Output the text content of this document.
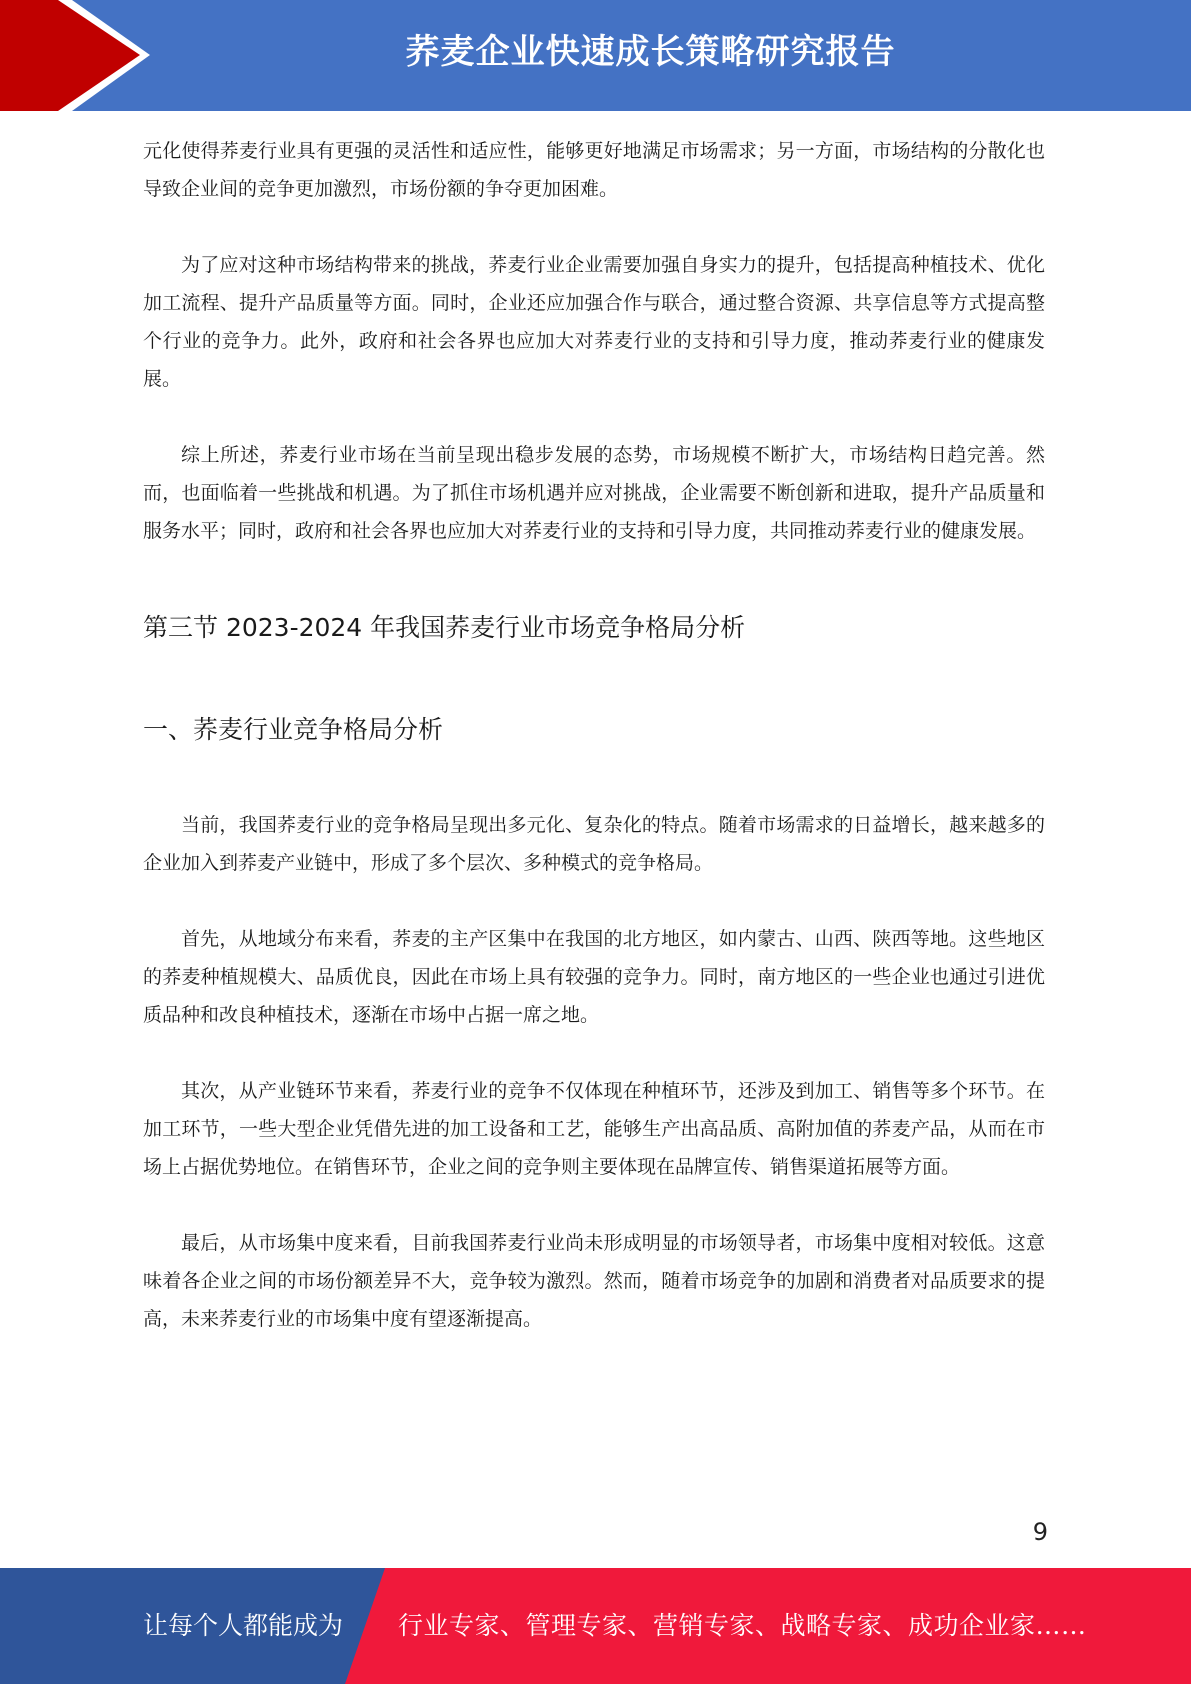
荞麦企业快速成长策略研究报告

元化使得荞麦行业具有更强的灵活性和适应性，能够更好地满足市场需求；另一方面，市场结构的分散化也导致企业间的竞争更加激烈，市场份额的争夺更加困难。

为了应对这种市场结构带来的挑战，荞麦行业企业需要加强自身实力的提升，包括提高种植技术、优化加工流程、提升产品质量等方面。同时，企业还应加强合作与联合，通过整合资源、共享信息等方式提高整个行业的竞争力。此外，政府和社会各界也应加大对荞麦行业的支持和引导力度，推动荞麦行业的健康发展。

综上所述，荞麦行业市场在当前呈现出稳步发展的态势，市场规模不断扩大，市场结构日趋完善。然而，也面临着一些挑战和机遇。为了抓住市场机遇并应对挑战，企业需要不断创新和进取，提升产品质量和服务水平；同时，政府和社会各界也应加大对荞麦行业的支持和引导力度，共同推动荞麦行业的健康发展。

第三节 2023-2024 年我国荞麦行业市场竞争格局分析
一、荞麦行业竞争格局分析

当前，我国荞麦行业的竞争格局呈现出多元化、复杂化的特点。随着市场需求的日益增长，越来越多的企业加入到荞麦产业链中，形成了多个层次、多种模式的竞争格局。

首先，从地域分布来看，荞麦的主产区集中在我国的北方地区，如内蒙古、山西、陕西等地。这些地区的荞麦种植规模大、品质优良，因此在市场上具有较强的竞争力。同时，南方地区的一些企业也通过引进优质品种和改良种植技术，逐渐在市场中占据一席之地。

其次，从产业链环节来看，荞麦行业的竞争不仅体现在种植环节，还涉及到加工、销售等多个环节。在加工环节，一些大型企业凭借先进的加工设备和工艺，能够生产出高品质、高附加值的荞麦产品，从而在市场上占据优势地位。在销售环节，企业之间的竞争则主要体现在品牌宣传、销售渠道拓展等方面。

最后，从市场集中度来看，目前我国荞麦行业尚未形成明显的市场领导者，市场集中度相对较低。这意味着各企业之间的市场份额差异不大，竞争较为激烈。然而，随着市场竞争的加剧和消费者对品质要求的提高，未来荞麦行业的市场集中度有望逐渐提高。

9
让每个人都能成为 行业专家、管理专家、营销专家、战略专家、成功企业家……
